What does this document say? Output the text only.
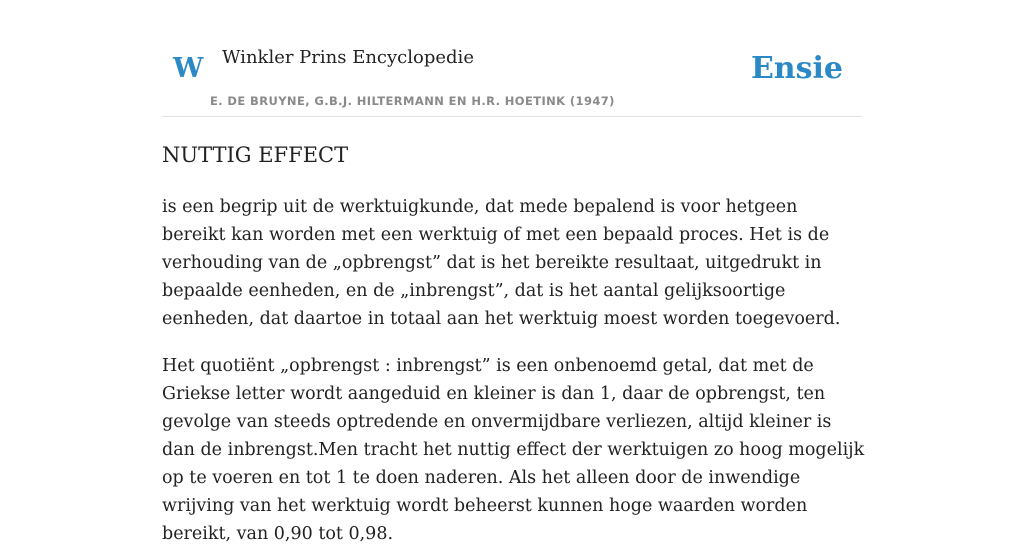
W Winkler Prins Encyclopedie
E. DE BRUYNE, G.B.J. HILTERMANN EN H.R. HOETINK (1947)
Ensie
NUTTIG EFFECT

is een begrip uit de werktuigkunde, dat mede bepalend is voor hetgeen bereikt kan worden met een werktuig of met een bepaald proces. Het is de verhouding van de „opbrengst” dat is het bereikte resultaat, uitgedrukt in bepaalde eenheden, en de „inbrengst”, dat is het aantal gelijksoortige eenheden, dat daartoe in totaal aan het werktuig moest worden toegevoerd.

Het quotiënt „opbrengst : inbrengst” is een onbenoemd getal, dat met de Griekse letter wordt aangeduid en kleiner is dan 1, daar de opbrengst, ten gevolge van steeds optredende en onvermijdbare verliezen, altijd kleiner is dan de inbrengst.Men tracht het nuttig effect der werktuigen zo hoog mogelijk op te voeren en tot 1 te doen naderen. Als het alleen door de inwendige wrijving van het werktuig wordt beheerst kunnen hoge waarden worden bereikt, van 0,90 tot 0,98.
